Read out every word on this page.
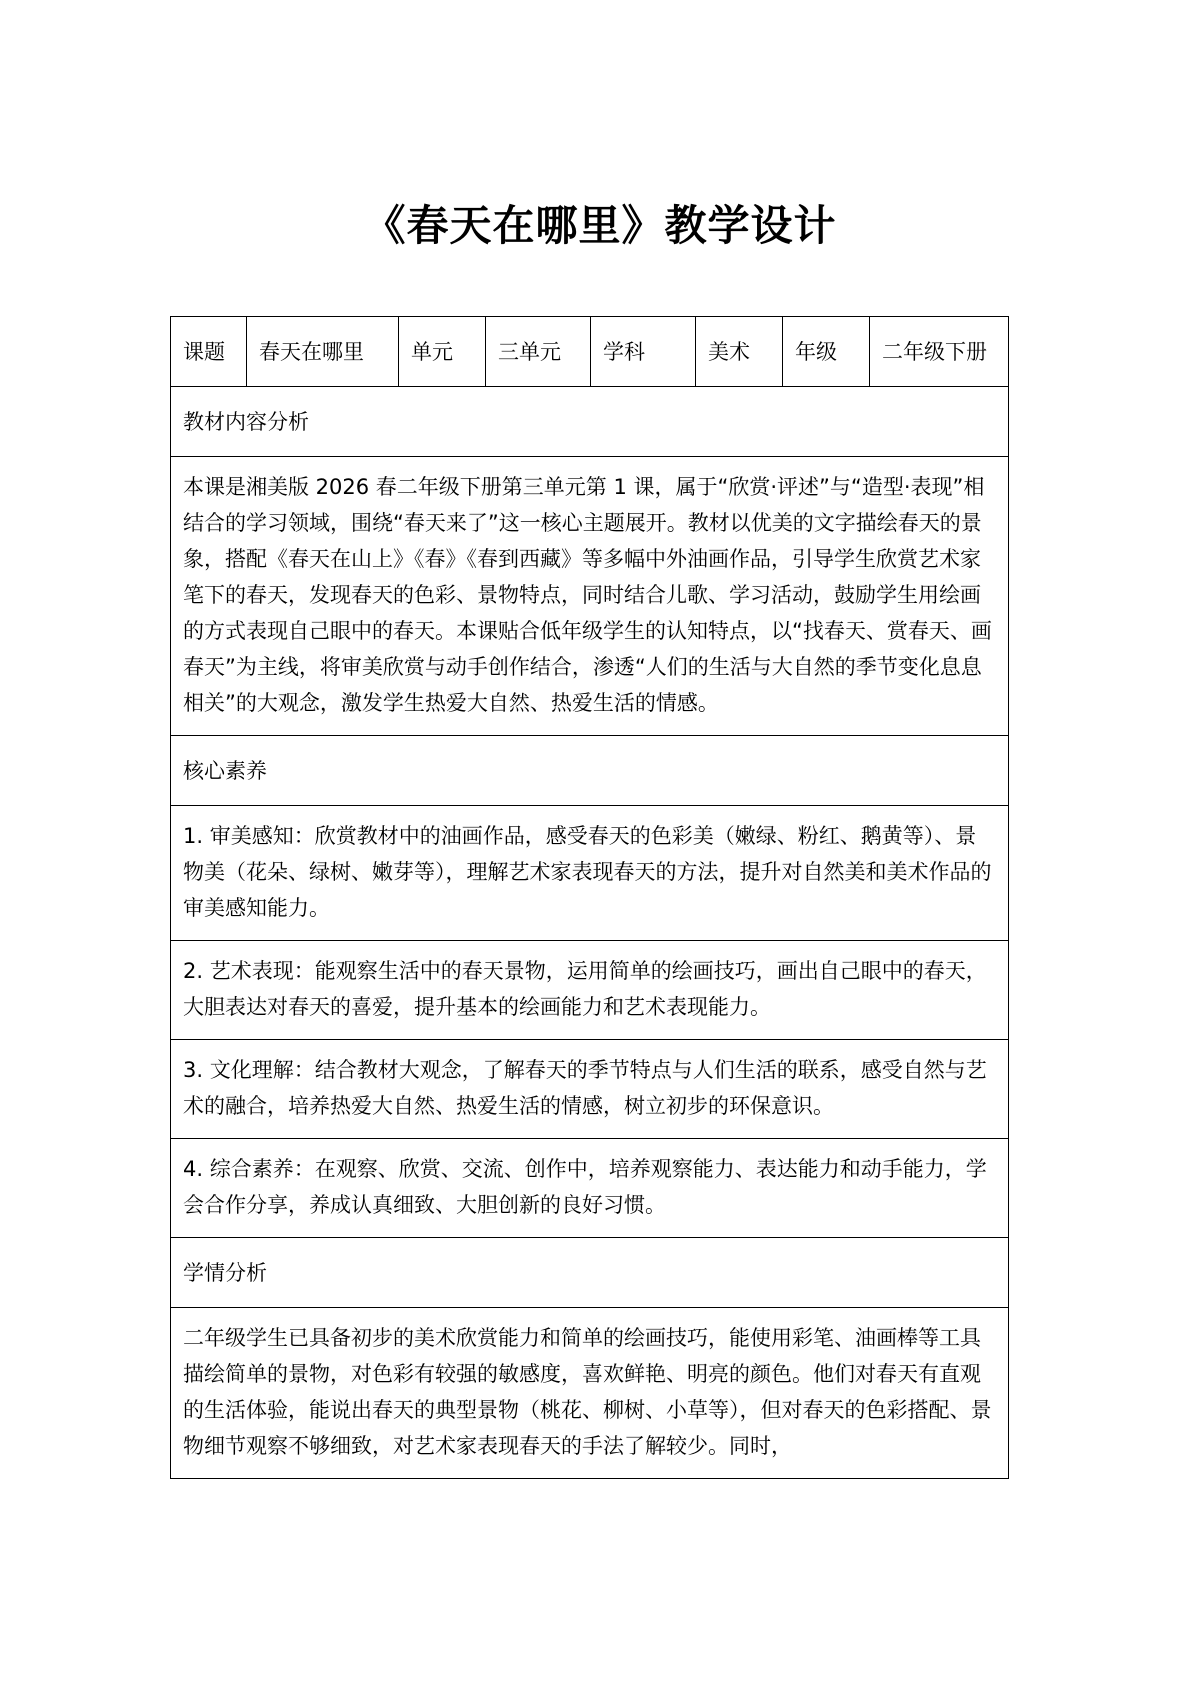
《春天在哪里》教学设计
课题	春天在哪里	单元	三单元	学科	美术	年级	二年级下册
教材内容分析
本课是湘美版 2026 春二年级下册第三单元第 1 课，属于“欣赏·评述”与“造型·表现”相结合的学习领域，围绕“春天来了”这一核心主题展开。教材以优美的文字描绘春天的景象，搭配《春天在山上》《春》《春到西藏》等多幅中外油画作品，引导学生欣赏艺术家笔下的春天，发现春天的色彩、景物特点，同时结合儿歌、学习活动，鼓励学生用绘画的方式表现自己眼中的春天。本课贴合低年级学生的认知特点，以“找春天、赏春天、画春天”为主线，将审美欣赏与动手创作结合，渗透“人们的生活与大自然的季节变化息息相关”的大观念，激发学生热爱大自然、热爱生活的情感。
核心素养
1. 审美感知：欣赏教材中的油画作品，感受春天的色彩美（嫩绿、粉红、鹅黄等）、景物美（花朵、绿树、嫩芽等），理解艺术家表现春天的方法，提升对自然美和美术作品的审美感知能力。
2. 艺术表现：能观察生活中的春天景物，运用简单的绘画技巧，画出自己眼中的春天，大胆表达对春天的喜爱，提升基本的绘画能力和艺术表现能力。
3. 文化理解：结合教材大观念，了解春天的季节特点与人们生活的联系，感受自然与艺术的融合，培养热爱大自然、热爱生活的情感，树立初步的环保意识。
4. 综合素养：在观察、欣赏、交流、创作中，培养观察能力、表达能力和动手能力，学会合作分享，养成认真细致、大胆创新的良好习惯。
学情分析
二年级学生已具备初步的美术欣赏能力和简单的绘画技巧，能使用彩笔、油画棒等工具描绘简单的景物，对色彩有较强的敏感度，喜欢鲜艳、明亮的颜色。他们对春天有直观的生活体验，能说出春天的典型景物（桃花、柳树、小草等），但对春天的色彩搭配、景物细节观察不够细致，对艺术家表现春天的手法了解较少。同时，
